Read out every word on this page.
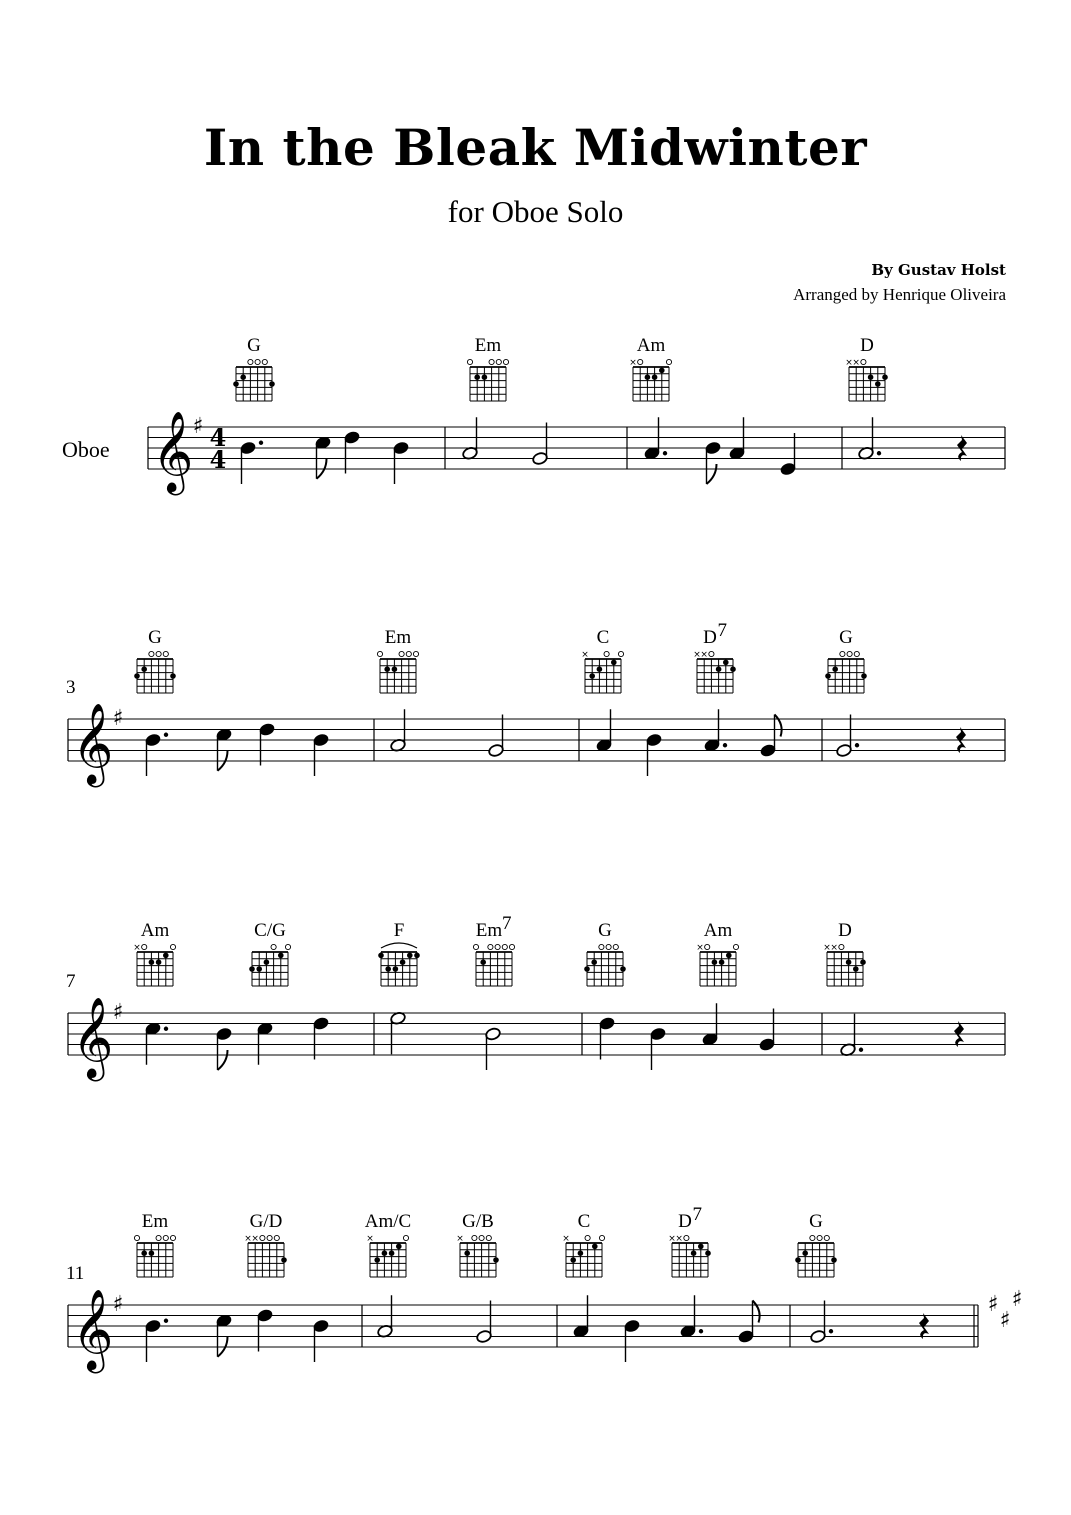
In the Bleak Midwinter
for Oboe Solo
By Gustav Holst
Arranged by Henrique Oliveira
𝄞 ♯ 4
4
Oboe
G	Em	Am
×
D
× ×
𝄞 ♯
3
G	Em	C
×
D 7
× ×
G
𝄞 ♯
7
Am
×
C/G	F	Em 7	G	Am
×
D
× ×
𝄞 ♯
11
Em	G/D
× ×
Am/C
×
G/B
×
C
×
D 7
× ×
G
♯
♯
♯
